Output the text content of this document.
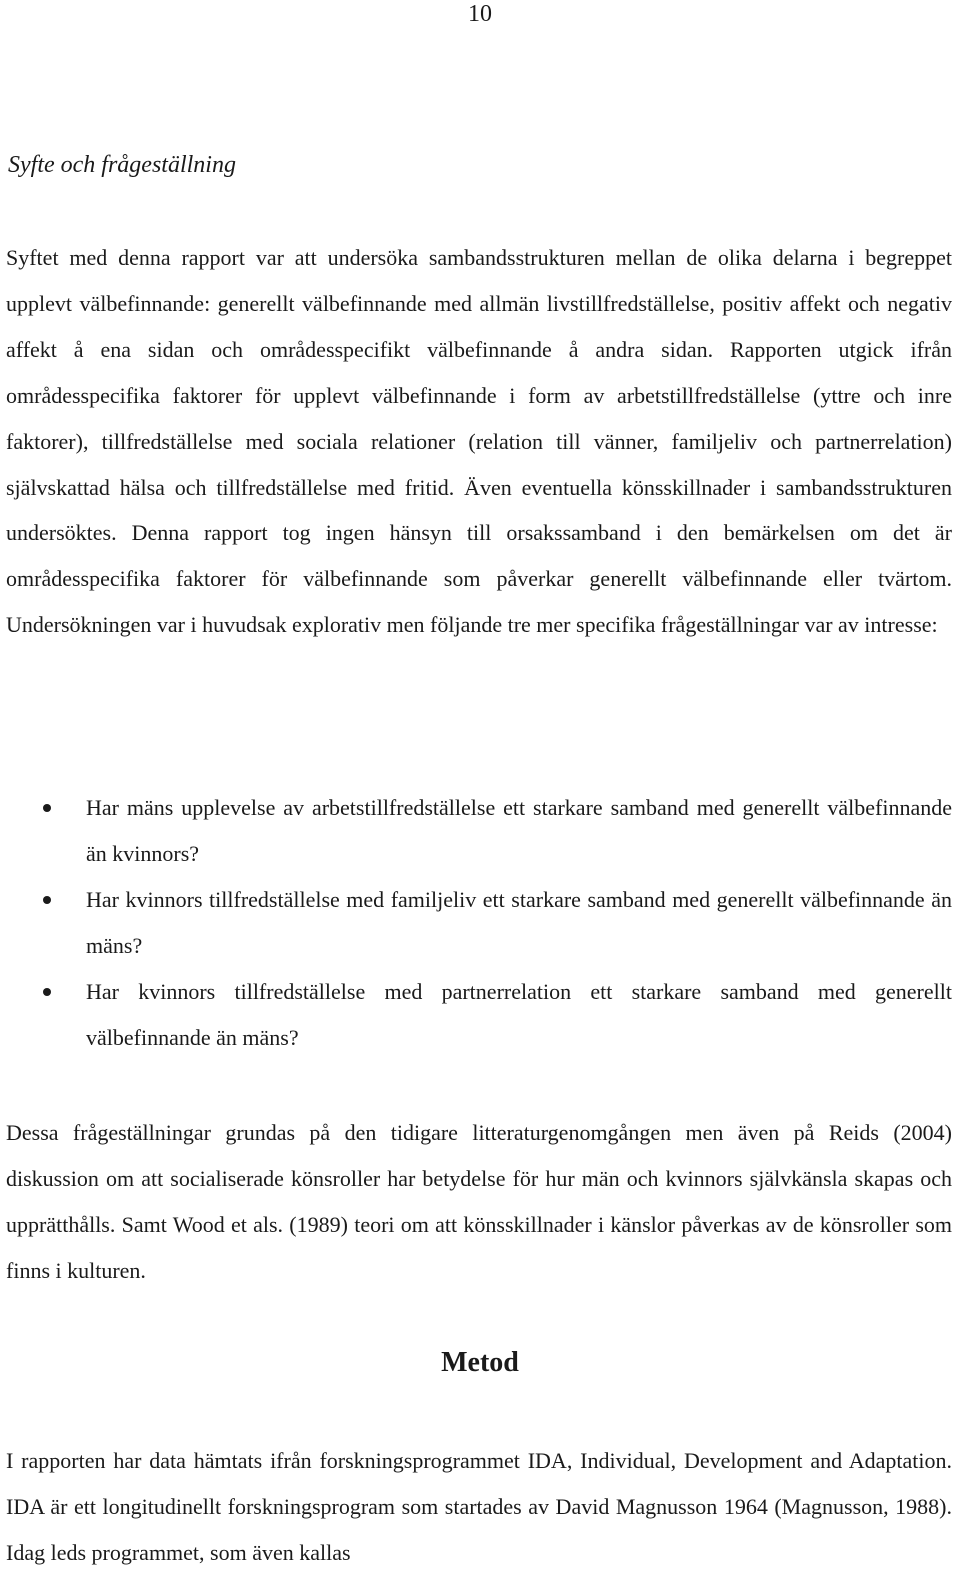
10
Syfte och frågeställning

Syftet med denna rapport var att undersöka sambandsstrukturen mellan de olika delarna i begreppet upplevt välbefinnande: generellt välbefinnande med allmän livstillfredställelse, positiv affekt och negativ affekt å ena sidan och områdesspecifikt välbefinnande å andra sidan. Rapporten utgick ifrån områdesspecifika faktorer för upplevt välbefinnande i form av arbetstillfredställelse (yttre och inre faktorer), tillfredställelse med sociala relationer (relation till vänner, familjeliv och partnerrelation) självskattad hälsa och tillfredställelse med fritid. Även eventuella könsskillnader i sambandsstrukturen undersöktes. Denna rapport tog ingen hänsyn till orsakssamband i den bemärkelsen om det är områdesspecifika faktorer för välbefinnande som påverkar generellt välbefinnande eller tvärtom. Undersökningen var i huvudsak explorativ men följande tre mer specifika frågeställningar var av intresse:

Har mäns upplevelse av arbetstillfredställelse ett starkare samband med generellt välbefinnande än kvinnors?
Har kvinnors tillfredställelse med familjeliv ett starkare samband med generellt välbefinnande än mäns?
Har kvinnors tillfredställelse med partnerrelation ett starkare samband med generellt välbefinnande än mäns?

Dessa frågeställningar grundas på den tidigare litteraturgenomgången men även på Reids (2004) diskussion om att socialiserade könsroller har betydelse för hur män och kvinnors självkänsla skapas och upprätthålls. Samt Wood et als. (1989) teori om att könsskillnader i känslor påverkas av de könsroller som finns i kulturen.

Metod

I rapporten har data hämtats ifrån forskningsprogrammet IDA, Individual, Development and Adaptation. IDA är ett longitudinellt forskningsprogram som startades av David Magnusson 1964 (Magnusson, 1988). Idag leds programmet, som även kallas
